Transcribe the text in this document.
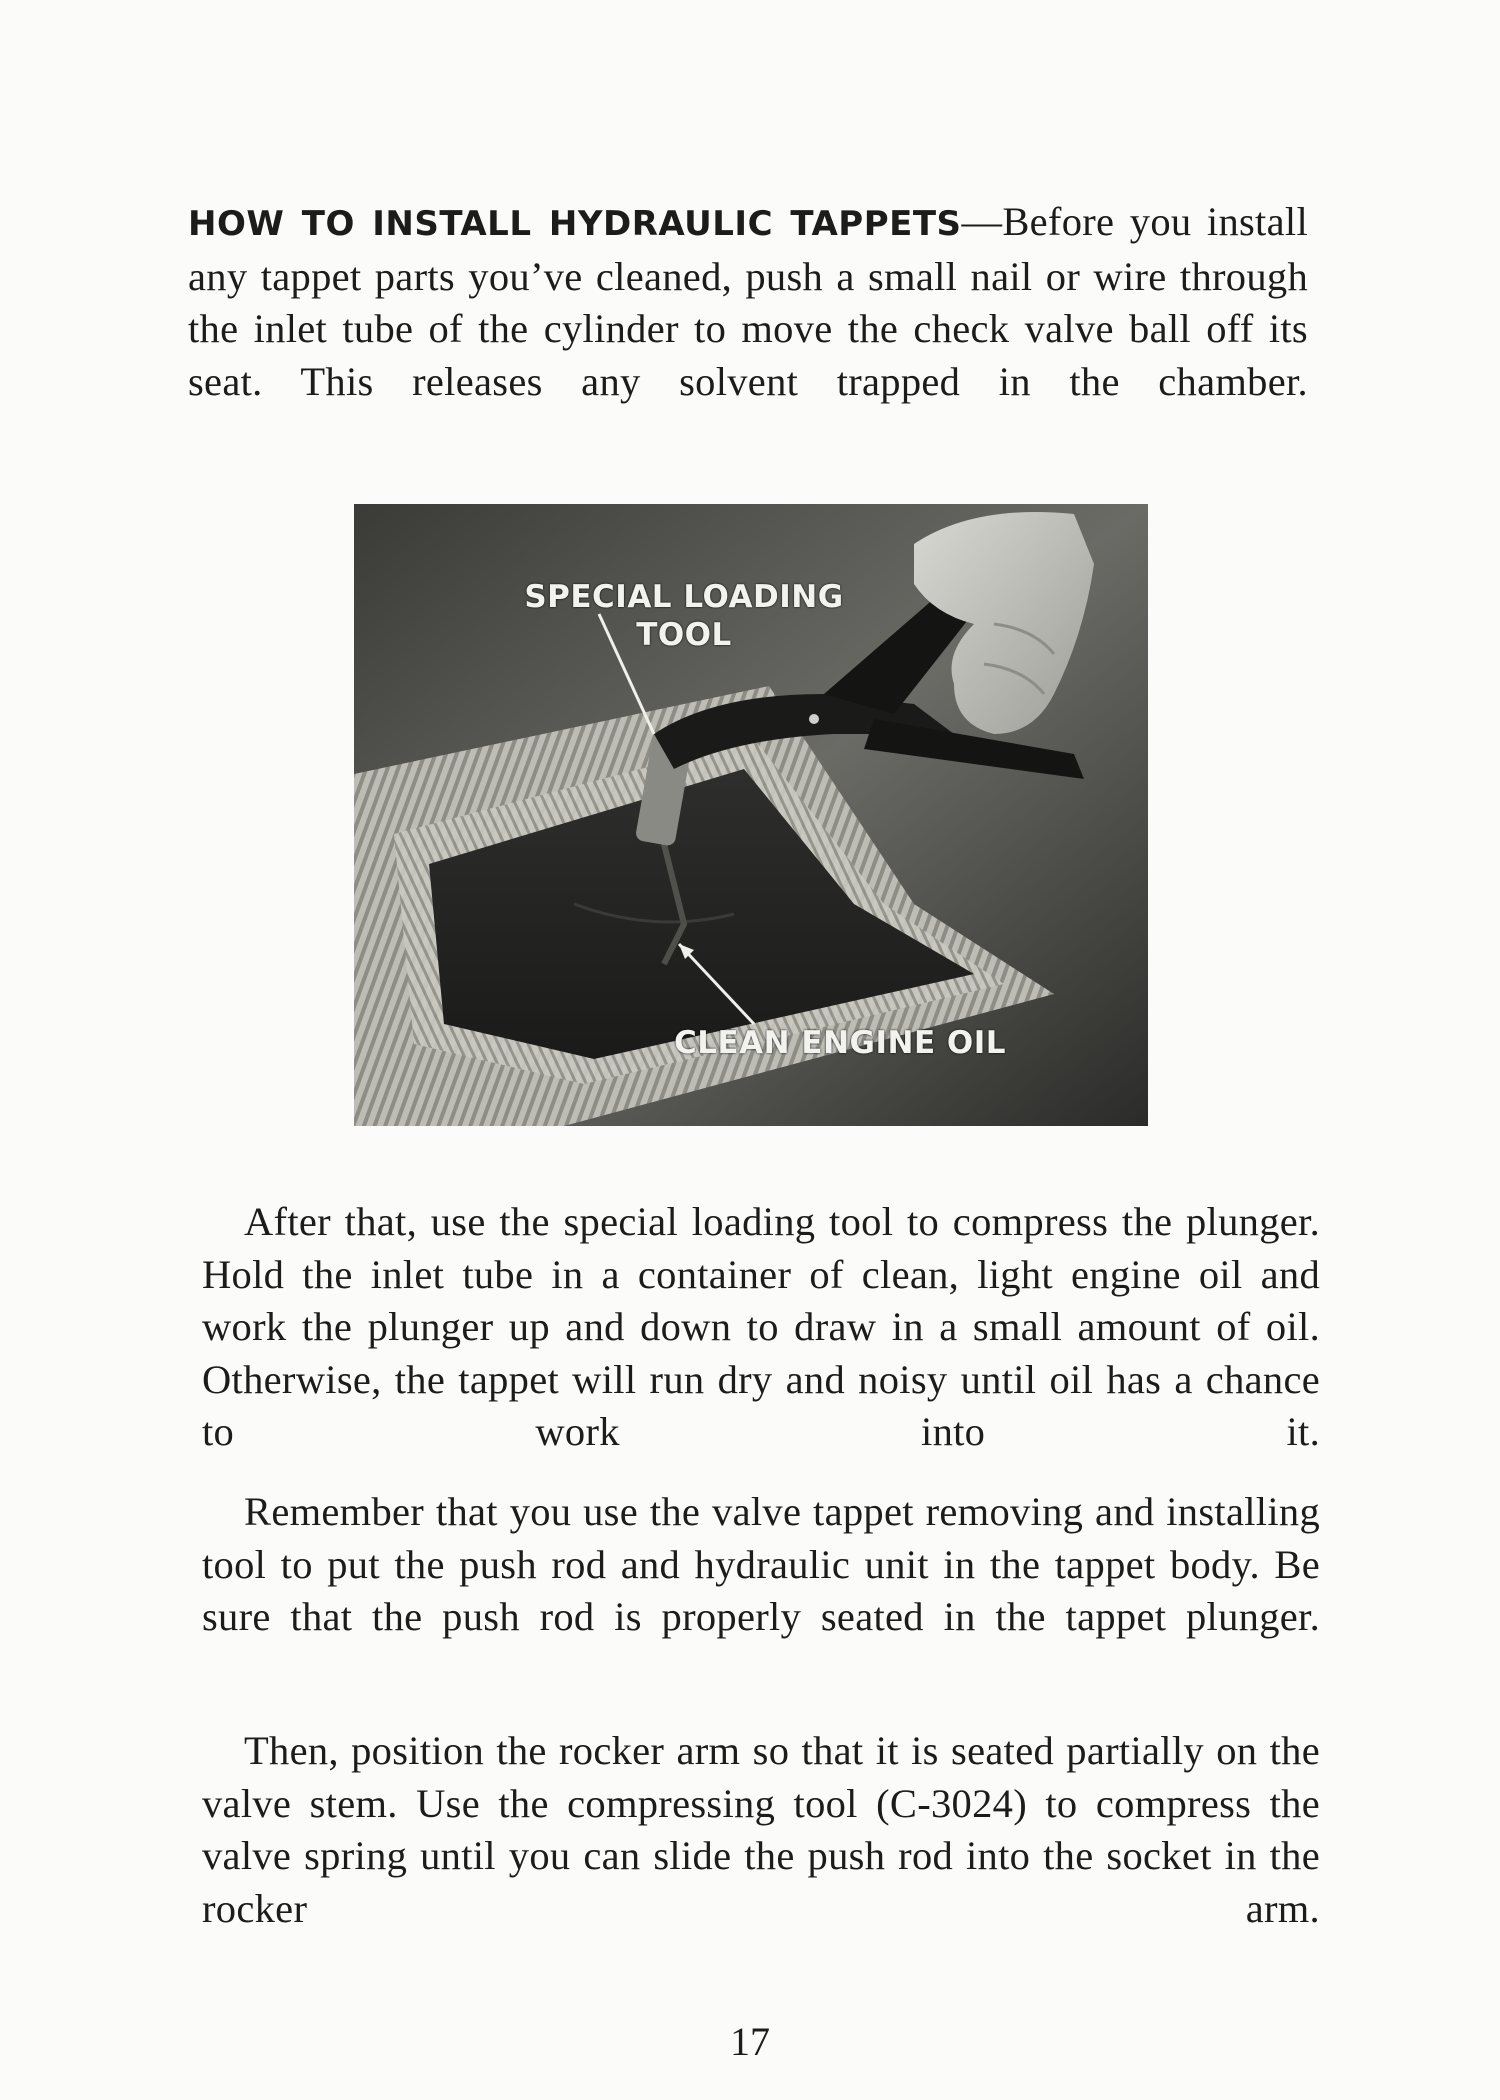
HOW TO INSTALL HYDRAULIC TAPPETS—Before you install any tappet parts you’ve cleaned, push a small nail or wire through the inlet tube of the cylinder to move the check valve ball off its seat. This releases any solvent trapped in the chamber.

SPECIAL LOADING TOOL
CLEAN ENGINE OIL

After that, use the special loading tool to compress the plunger. Hold the inlet tube in a container of clean, light engine oil and work the plunger up and down to draw in a small amount of oil. Otherwise, the tappet will run dry and noisy until oil has a chance to work into it.

Remember that you use the valve tappet removing and installing tool to put the push rod and hydraulic unit in the tappet body. Be sure that the push rod is properly seated in the tappet plunger.

Then, position the rocker arm so that it is seated partially on the valve stem. Use the compressing tool (C-3024) to compress the valve spring until you can slide the push rod into the socket in the rocker arm.

17
